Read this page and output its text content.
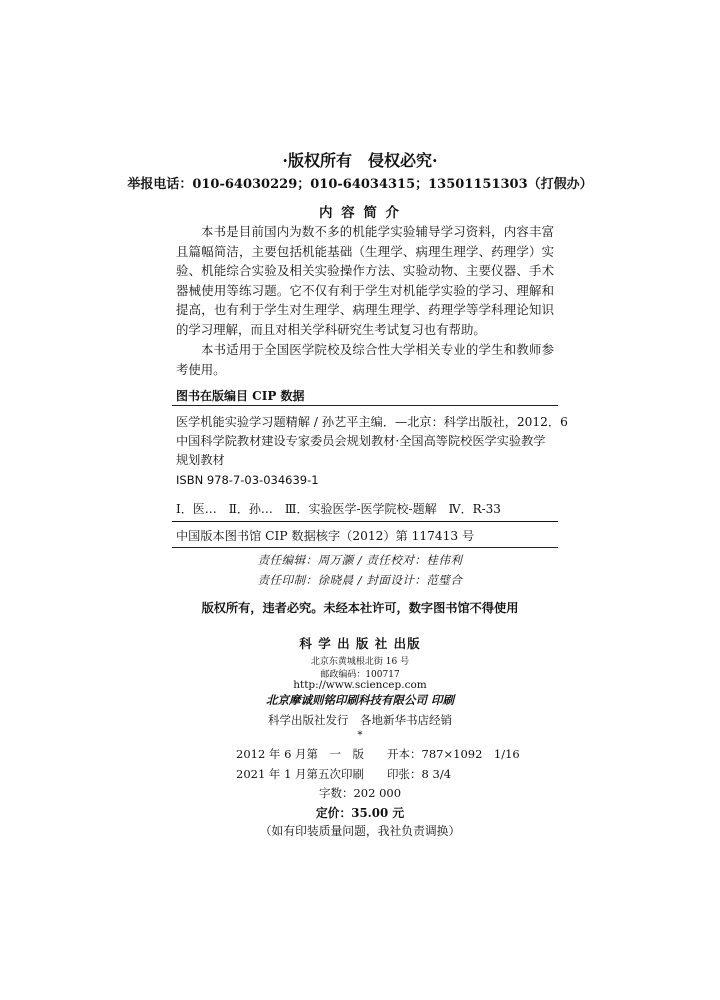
·版权所有　侵权必究·
举报电话：010-64030229；010-64034315；13501151303（打假办）
内 容 简 介
本书是目前国内为数不多的机能学实验辅导学习资料，内容丰富且篇幅简洁，主要包括机能基础（生理学、病理生理学、药理学）实验、机能综合实验及相关实验操作方法、实验动物、主要仪器、手术器械使用等练习题。它不仅有利于学生对机能学实验的学习、理解和提高，也有利于学生对生理学、病理生理学、药理学等学科理论知识的学习理解，而且对相关学科研究生考试复习也有帮助。
本书适用于全国医学院校及综合性大学相关专业的学生和教师参考使用。
图书在版编目 CIP 数据
医学机能实验学习题精解 / 孙艺平主编．—北京：科学出版社，2012．6
中国科学院教材建设专家委员会规划教材·全国高等院校医学实验教学
规划教材
ISBN 978-7-03-034639-1
Ⅰ．医…　Ⅱ．孙…　Ⅲ．实验医学-医学院校-题解　Ⅳ．R-33
中国版本图书馆 CIP 数据核字（2012）第 117413 号
责任编辑：周万灏 / 责任校对：桂伟利
责任印制：徐晓晨 / 封面设计：范璧合
版权所有，违者必究。未经本社许可，数字图书馆不得使用
科 学 出 版 社 出版
北京东黄城根北街 16 号
邮政编码：100717
http://www.sciencep.com
北京摩诚则铭印刷科技有限公司 印刷
科学出版社发行　各地新华书店经销
*
2012 年 6 月第　一　版　　开本：787×1092　1/16
2021 年 1 月第五次印刷　　印张：8 3/4
字数：202 000
定价：35.00 元
（如有印装质量问题，我社负责调换）
